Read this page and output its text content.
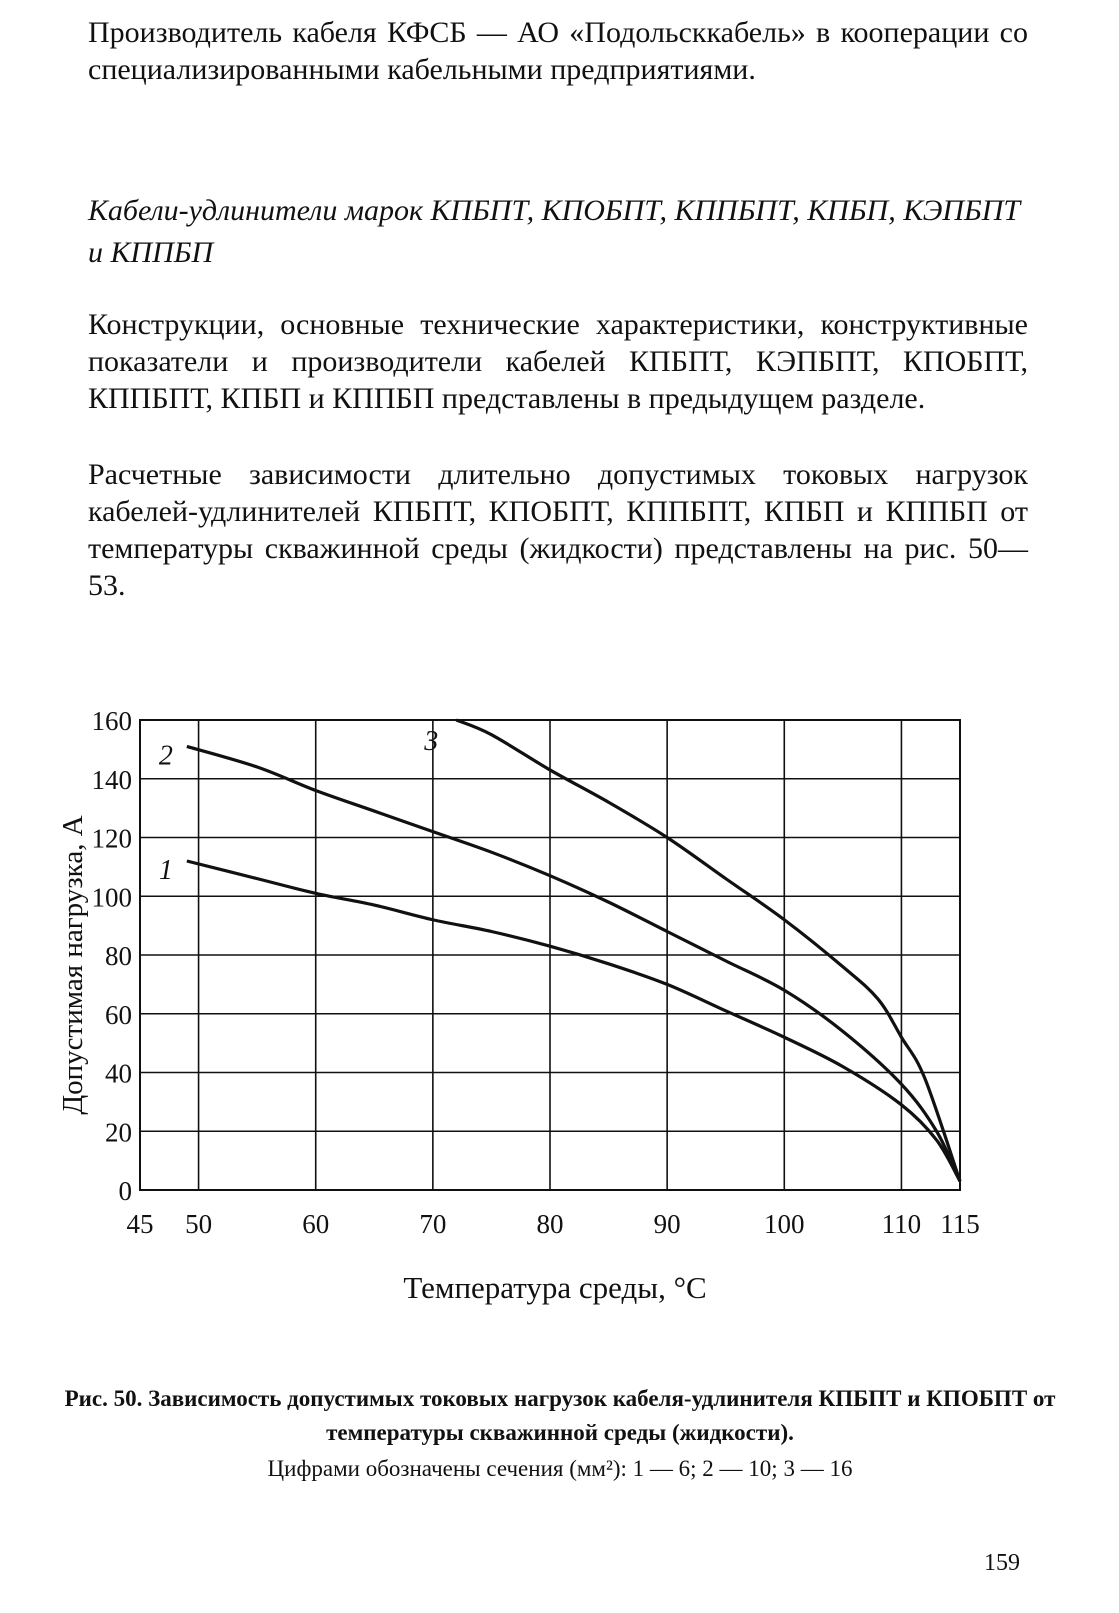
Производитель кабеля КФСБ — АО «Подольсккабель» в кооперации со специализированными кабельными предприятиями.
Кабели-удлинители марок КПБПТ, КПОБПТ, КППБПТ, КПБП, КЭПБПТ и КППБП
Конструкции, основные технические характеристики, конструктивные показатели и производители кабелей КПБПТ, КЭПБПТ, КПОБПТ, КППБПТ, КПБП и КППБП представлены в предыдущем разделе.
Расчетные зависимости длительно допустимых токовых нагрузок кабелей-удлинителей КПБПТ, КПОБПТ, КППБПТ, КПБП и КППБП от температуры скважинной среды (жидкости) представлены на рис. 50—53.
0
20
40
60
80
100
120
140
160
45 50	60	70	80	90	100	110 115
1
2	3
Допустимая нагрузка, А
Температура среды, °С
Рис. 50. Зависимость допустимых токовых нагрузок кабеля-удлинителя КПБПТ и КПОБПТ от температуры скважинной среды (жидкости).
Цифрами обозначены сечения (мм²): 1 — 6; 2 — 10; 3 — 16
159
